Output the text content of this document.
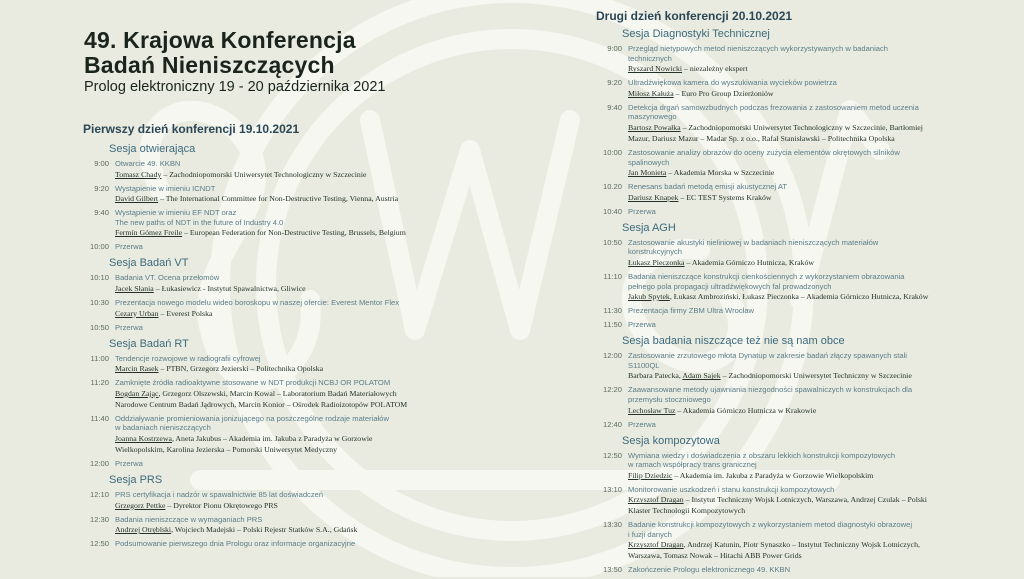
49. Krajowa Konferencja
Badań Nieniszczących
Prolog elektroniczny 19 - 20 października 2021
Pierwszy dzień konferencji 19.10.2021
Sesja otwierająca
9:00 Otwarcie 49. KKBN
Tomasz Chady – Zachodniopomorski Uniwersytet Technologiczny w Szczecinie
9:20 Wystąpienie w imieniu ICNDT
David Gilbert – The International Committee for Non-Destructive Testing, Vienna, Austria
9:40 Wystąpienie w imieniu EF NDT oraz
The new paths of NDT in the future of Industry 4.0
Fermín Gómez Freile – European Federation for Non-Destructive Testing, Brussels, Belgium
10:00 Przerwa
Sesja Badań VT
10:10 Badania VT. Ocena przełomów
Jacek Słania – Łukasiewicz - Instytut Spawalnictwa, Gliwice
10:30 Prezentacja nowego modelu wideo boroskopu w naszej ofercie: Everest Mentor Flex
Cezary Urban – Everest Polska
10:50 Przerwa
Sesja Badań RT
11:00 Tendencje rozwojowe w radiografii cyfrowej
Marcin Rasek – PTBN, Grzegorz Jezierski – Politechnika Opolska
11:20 Zamknięte źródła radioaktywne stosowane w NDT produkcji NCBJ OR POLATOM
Bogdan Zając, Grzegorz Olszewski, Marcin Kowal – Laboratorium Badań Materiałowych
Narodowe Centrum Badań Jądrowych, Marcin Konior – Ośrodek Radioizotopów POLATOM
11:40 Oddziaływanie promieniowania jonizującego na poszczególne rodzaje materiałów
w badaniach nieniszczących
Joanna Kostrzewa, Aneta Jakubus – Akademia im. Jakuba z Paradyża w Gorzowie
Wielkopolskim, Karolina Jezierska – Pomorski Uniwersytet Medyczny
12:00 Przerwa
Sesja PRS
12:10 PRS certyfikacja i nadzór w spawalnictwie 85 lat doświadczeń
Grzegorz Pettke – Dyrektor Pionu Okrętowego PRS
12:30 Badania nieniszczące w wymaganiach PRS
Andrzej Otręblski, Wojciech Madejski – Polski Rejestr Statków S.A., Gdańsk
12:50 Podsumowanie pierwszego dnia Prologu oraz informacje organizacyjne
Drugi dzień konferencji 20.10.2021
Sesja Diagnostyki Technicznej
9:00 Przegląd nietypowych metod nieniszczących wykorzystywanych w badaniach
technicznych
Ryszard Nowicki – niezależny ekspert
9:20 Ultradźwiękowa kamera do wyszukiwania wycieków powietrza
Miłosz Kałuża – Euro Pro Group Dzierżoniów
9:40 Detekcja drgań samowzbudnych podczas frezowania z zastosowaniem metod uczenia
maszynowego
Bartosz Powałka – Zachodniopomorski Uniwersytet Technologiczny w Szczecinie, Bartłomiej
Mazur, Dariusz Mazur – Madar Sp. z o.o., Rafał Stanisławski – Politechnika Opolska
10:00 Zastosowanie analizy obrazów do oceny zużycia elementów okrętowych silników
spalinowych
Jan Monieta – Akademia Morska w Szczecinie
10.20 Renesans badań metodą emisji akustycznej AT
Dariusz Knapek – EC TEST Systems Kraków
10:40 Przerwa
Sesja AGH
10:50 Zastosowanie akustyki nieliniowej w badaniach nieniszczących materiałów
konstrukcyjnych
Łukasz Pieczonka – Akademia Górniczo Hutnicza, Kraków
11:10 Badania nieniszczące konstrukcji cienkościennych z wykorzystaniem obrazowania
pełnego pola propagacji ultradźwiękowych fal prowadzonych
Jakub Spytek, Łukasz Ambroziński, Łukasz Pieczonka – Akademia Górniczo Hutnicza, Kraków
11:30 Prezentacja firmy ZBM Ultra Wrocław
11:50 Przerwa
Sesja badania niszczące też nie są nam obce
12:00 Zastosowanie zrzutowego młota Dynatup w zakresie badań złączy spawanych stali
S1100QL
Barbara Patecka, Adam Sajek – Zachodniopomorski Uniwersytet Techniczny w Szczecinie
12:20 Zaawansowane metody ujawniania niezgodności spawalniczych w konstrukcjach dla
przemysłu stoczniowego
Lechosław Tuz – Akademia Górniczo Hutnicza w Krakowie
12:40 Przerwa
Sesja kompozytowa
12:50 Wymiana wiedzy i doświadczenia z obszaru lekkich konstrukcji kompozytowych
w ramach współpracy trans granicznej
Filip Dziedzic – Akademia im. Jakuba z Paradyża w Gorzowie Wielkopolskim
13:10 Monitorowanie uszkodzeń i stanu konstrukcji kompozytowych
Krzysztof Dragan – Instytut Techniczny Wojsk Lotniczych, Warszawa, Andrzej Czulak – Polski
Klaster Technologii Kompozytowych
13:30 Badanie konstrukcji kompozytowych z wykorzystaniem metod diagnostyki obrazowej
i fuzji danych
Krzysztof Dragan, Andrzej Katunin, Piotr Synaszko – Instytut Techniczny Wojsk Lotniczych,
Warszawa, Tomasz Nowak – Hitachi ABB Power Grids
13:50 Zakończenie Prologu elektronicznego 49. KKBN
